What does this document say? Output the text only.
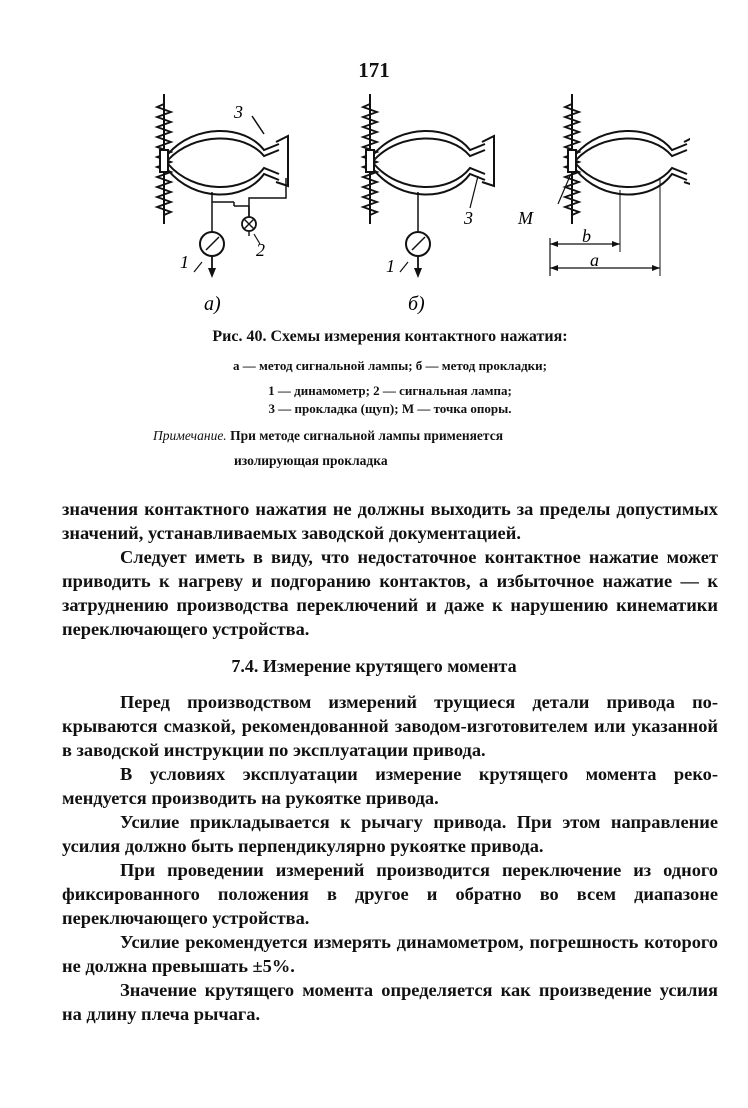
171
3
1
2
3
1
М
b
a
а)	б)
Рис. 40. Схемы измерения контактного нажатия:
а — метод сигнальной лампы; б — метод прокладки;
1 — динамометр; 2 — сигнальная лампа;
3 — прокладка (щуп); М — точка опоры.
Примечание. При методе сигнальной лампы применяется
изолирующая прокладка
значения контактного нажатия не должны выходить за пределы допустимых значений, устанавливаемых заводской документацией.
Следует иметь в виду, что недостаточное контактное нажатие может приводить к нагреву и подгоранию контактов, а избыточное нажатие — к затруднению производства переключений и даже к нарушению кинематики переключающего устройства.
7.4. Измерение крутящего момента
Перед производством измерений трущиеся детали привода покрываются смазкой, рекомендованной заводом-изготовителем или указанной в заводской инструкции по эксплуатации привода.
В условиях эксплуатации измерение крутящего момента рекомендуется производить на рукоятке привода.
Усилие прикладывается к рычагу привода. При этом направление усилия должно быть перпендикулярно рукоятке привода.
При проведении измерений производится переключение из одного фиксированного положения в другое и обратно во всем диапазоне переключающего устройства.
Усилие рекомендуется измерять динамометром, погрешность которого не должна превышать ±5%.
Значение крутящего момента определяется как произведение усилия на длину плеча рычага.
